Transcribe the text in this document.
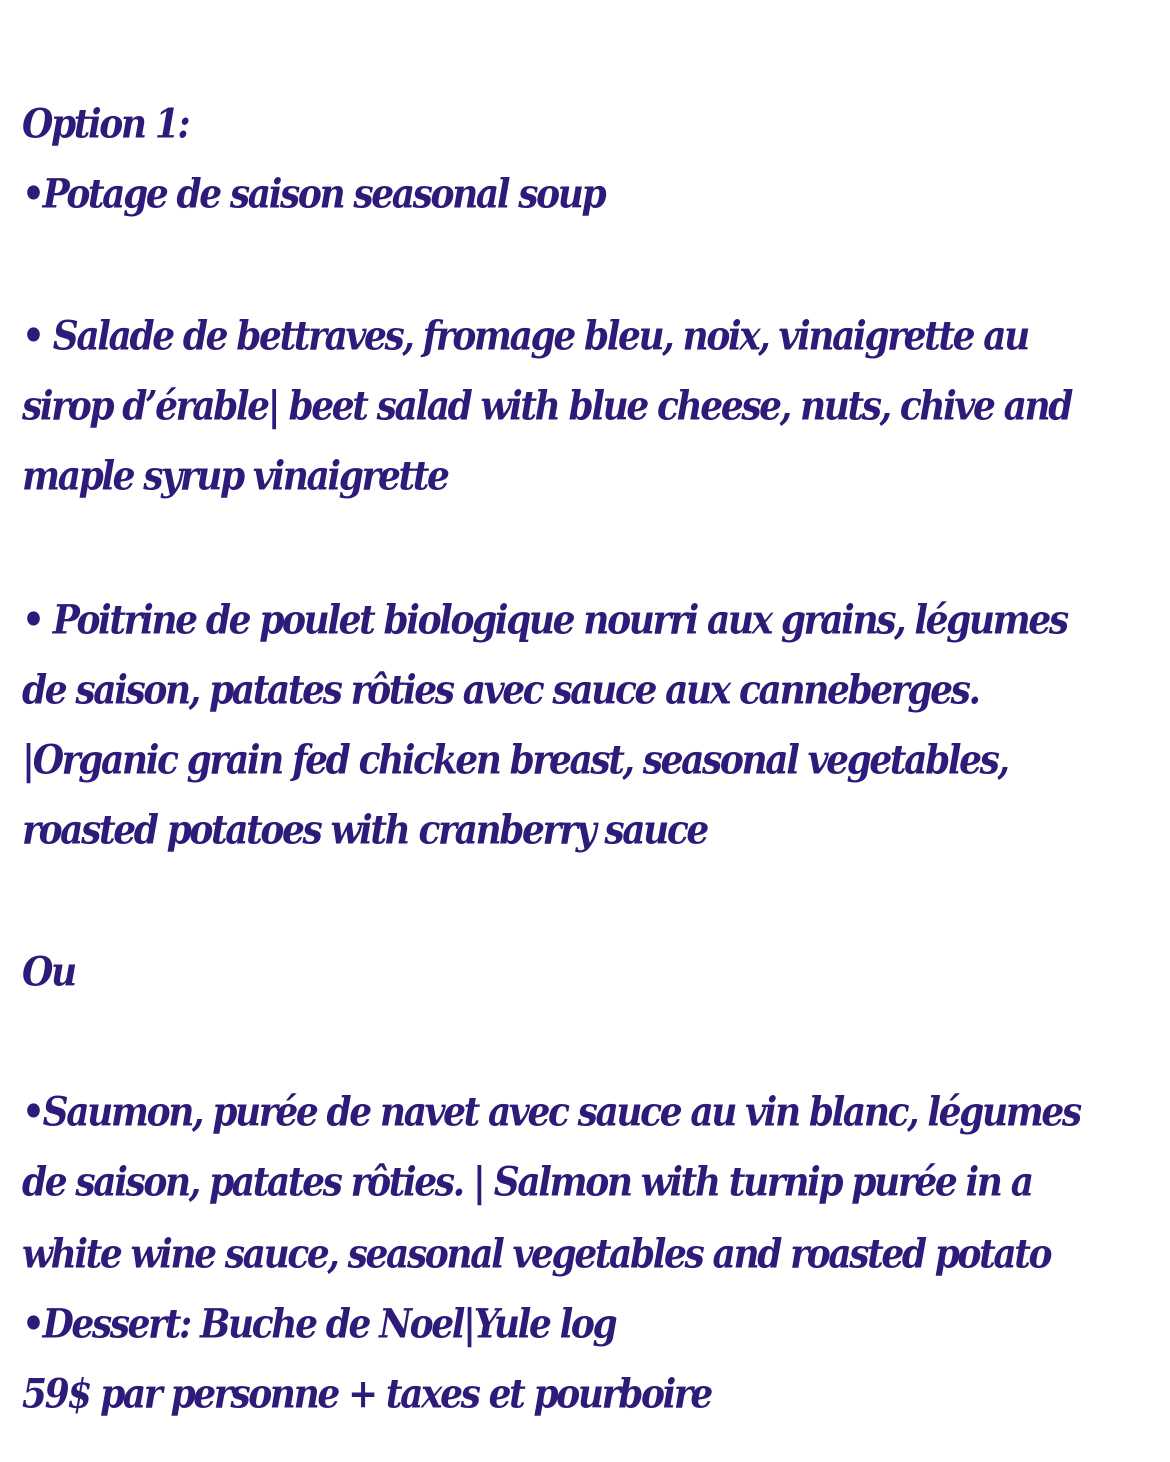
Option 1:
•Potage de saison seasonal soup
• Salade de bettraves, fromage bleu, noix, vinaigrette au
sirop d’érable| beet salad with blue cheese, nuts, chive and
maple syrup vinaigrette
• Poitrine de poulet biologique nourri aux grains, légumes
de saison, patates rôties avec sauce aux canneberges.
|Organic grain fed chicken breast, seasonal vegetables,
roasted potatoes with cranberry sauce
Ou
•Saumon, purée de navet avec sauce au vin blanc, légumes
de saison, patates rôties. | Salmon with turnip purée in a
white wine sauce, seasonal vegetables and roasted potato
•Dessert: Buche de Noel|Yule log
59$ par personne + taxes et pourboire
